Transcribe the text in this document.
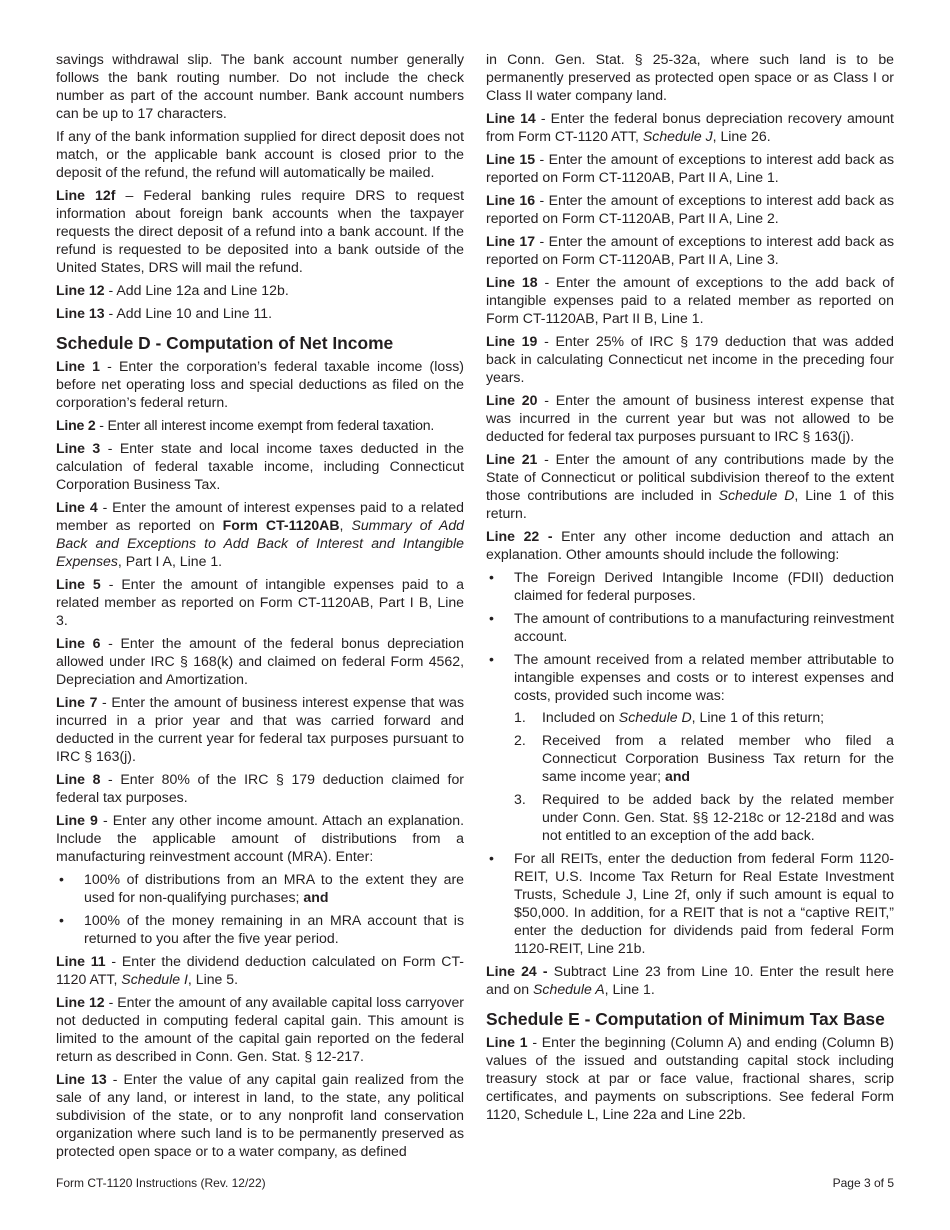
savings withdrawal slip. The bank account number generally follows the bank routing number. Do not include the check number as part of the account number. Bank account numbers can be up to 17 characters.

If any of the bank information supplied for direct deposit does not match, or the applicable bank account is closed prior to the deposit of the refund, the refund will automatically be mailed.

Line 12f – Federal banking rules require DRS to request information about foreign bank accounts when the taxpayer requests the direct deposit of a refund into a bank account. If the refund is requested to be deposited into a bank outside of the United States, DRS will mail the refund.

Line 12 - Add Line 12a and Line 12b.

Line 13 - Add Line 10 and Line 11.

Schedule D - Computation of Net Income

Line 1 - Enter the corporation’s federal taxable income (loss) before net operating loss and special deductions as filed on the corporation’s federal return.

Line 2 - Enter all interest income exempt from federal taxation.

Line 3 - Enter state and local income taxes deducted in the calculation of federal taxable income, including Connecticut Corporation Business Tax.

Line 4 - Enter the amount of interest expenses paid to a related member as reported on Form CT-1120AB, Summary of Add Back and Exceptions to Add Back of Interest and Intangible Expenses, Part I A, Line 1.

Line 5 - Enter the amount of intangible expenses paid to a related member as reported on Form CT-1120AB, Part I B, Line 3.

Line 6 - Enter the amount of the federal bonus depreciation allowed under IRC § 168(k) and claimed on federal Form 4562, Depreciation and Amortization.

Line 7 - Enter the amount of business interest expense that was incurred in a prior year and that was carried forward and deducted in the current year for federal tax purposes pursuant to IRC § 163(j).

Line 8 - Enter 80% of the IRC § 179 deduction claimed for federal tax purposes.

Line 9 - Enter any other income amount. Attach an explanation. Include the applicable amount of distributions from a manufacturing reinvestment account (MRA). Enter:

• 100% of distributions from an MRA to the extent they are used for non-qualifying purchases; and
• 100% of the money remaining in an MRA account that is returned to you after the five year period.

Line 11 - Enter the dividend deduction calculated on Form CT-1120 ATT, Schedule I, Line 5.

Line 12 - Enter the amount of any available capital loss carryover not deducted in computing federal capital gain. This amount is limited to the amount of the capital gain reported on the federal return as described in Conn. Gen. Stat. § 12-217.

Line 13 - Enter the value of any capital gain realized from the sale of any land, or interest in land, to the state, any political subdivision of the state, or to any nonprofit land conservation organization where such land is to be permanently preserved as protected open space or to a water company, as defined

in Conn. Gen. Stat. § 25-32a, where such land is to be permanently preserved as protected open space or as Class I or Class II water company land.

Line 14 - Enter the federal bonus depreciation recovery amount from Form CT-1120 ATT, Schedule J, Line 26.

Line 15 - Enter the amount of exceptions to interest add back as reported on Form CT-1120AB, Part II A, Line 1.

Line 16 - Enter the amount of exceptions to interest add back as reported on Form CT-1120AB, Part II A, Line 2.

Line 17 - Enter the amount of exceptions to interest add back as reported on Form CT-1120AB, Part II A, Line 3.

Line 18 - Enter the amount of exceptions to the add back of intangible expenses paid to a related member as reported on Form CT-1120AB, Part II B, Line 1.

Line 19 - Enter 25% of IRC § 179 deduction that was added back in calculating Connecticut net income in the preceding four years.

Line 20 - Enter the amount of business interest expense that was incurred in the current year but was not allowed to be deducted for federal tax purposes pursuant to IRC § 163(j).

Line 21 - Enter the amount of any contributions made by the State of Connecticut or political subdivision thereof to the extent those contributions are included in Schedule D, Line 1 of this return.

Line 22 - Enter any other income deduction and attach an explanation. Other amounts should include the following:

• The Foreign Derived Intangible Income (FDII) deduction claimed for federal purposes.
• The amount of contributions to a manufacturing reinvestment account.
• The amount received from a related member attributable to intangible expenses and costs or to interest expenses and costs, provided such income was:
1. Included on Schedule D, Line 1 of this return;
2. Received from a related member who filed a Connecticut Corporation Business Tax return for the same income year; and
3. Required to be added back by the related member under Conn. Gen. Stat. §§ 12-218c or 12-218d and was not entitled to an exception of the add back.
• For all REITs, enter the deduction from federal Form 1120-REIT, U.S. Income Tax Return for Real Estate Investment Trusts, Schedule J, Line 2f, only if such amount is equal to $50,000. In addition, for a REIT that is not a “captive REIT,” enter the deduction for dividends paid from federal Form 1120-REIT, Line 21b.

Line 24 - Subtract Line 23 from Line 10. Enter the result here and on Schedule A, Line 1.

Schedule E - Computation of Minimum Tax Base

Line 1 - Enter the beginning (Column A) and ending (Column B) values of the issued and outstanding capital stock including treasury stock at par or face value, fractional shares, scrip certificates, and payments on subscriptions. See federal Form 1120, Schedule L, Line 22a and Line 22b.

Form CT-1120 Instructions (Rev. 12/22)	Page 3 of 5
